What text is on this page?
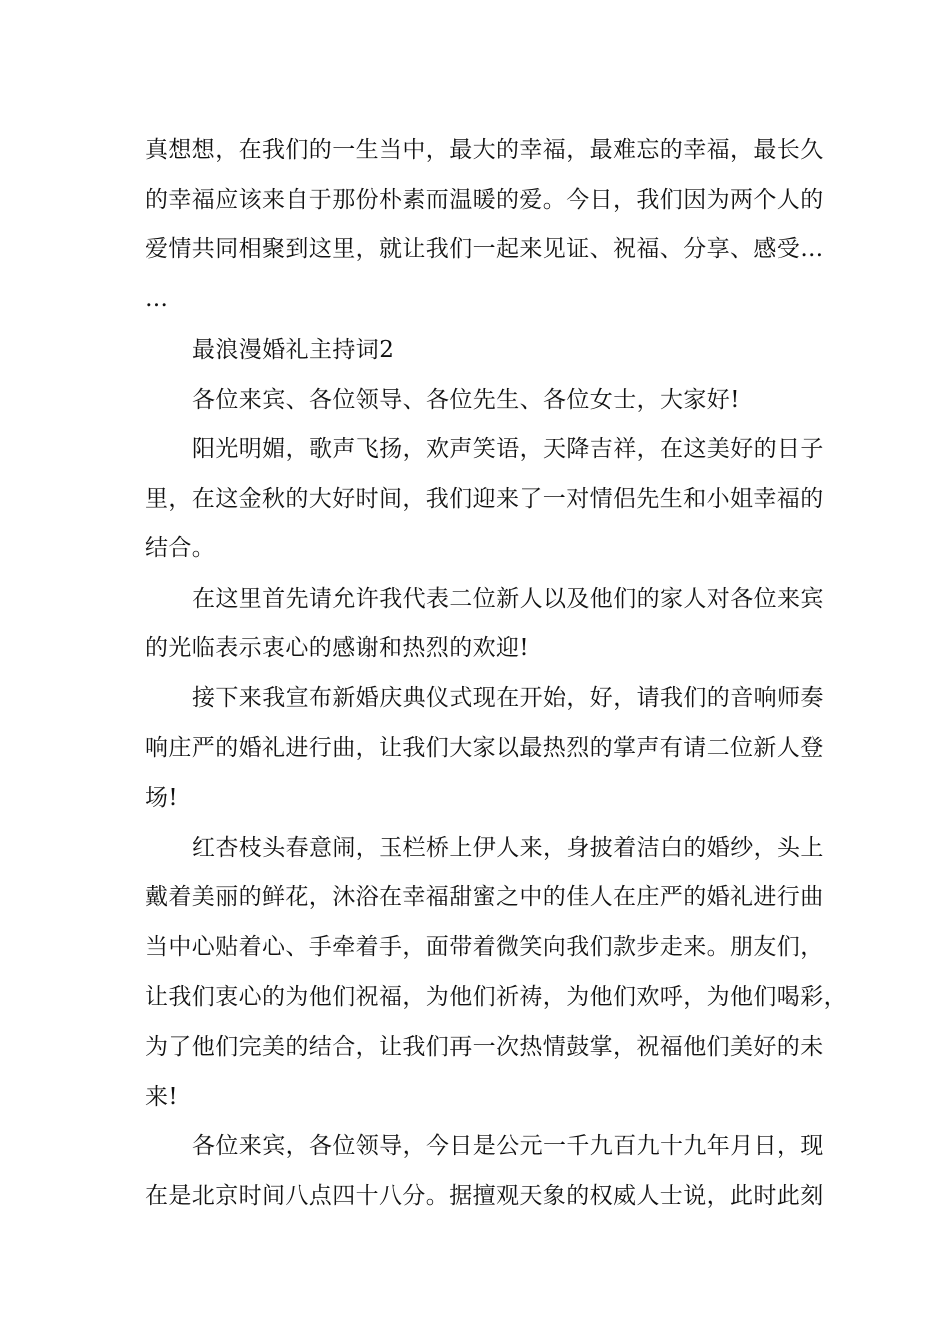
真想想，在我们的一生当中，最大的幸福，最难忘的幸福，最长久
的幸福应该来自于那份朴素而温暖的爱。今日，我们因为两个人的
爱情共同相聚到这里，就让我们一起来见证、祝福、分享、感受…
…
最浪漫婚礼主持词2
各位来宾、各位领导、各位先生、各位女士，大家好!
阳光明媚，歌声飞扬，欢声笑语，天降吉祥，在这美好的日子
里，在这金秋的大好时间，我们迎来了一对情侣先生和小姐幸福的
结合。
在这里首先请允许我代表二位新人以及他们的家人对各位来宾
的光临表示衷心的感谢和热烈的欢迎!
接下来我宣布新婚庆典仪式现在开始，好，请我们的音响师奏
响庄严的婚礼进行曲，让我们大家以最热烈的掌声有请二位新人登
场!
红杏枝头春意闹，玉栏桥上伊人来，身披着洁白的婚纱，头上
戴着美丽的鲜花，沐浴在幸福甜蜜之中的佳人在庄严的婚礼进行曲
当中心贴着心、手牵着手，面带着微笑向我们款步走来。朋友们，
让我们衷心的为他们祝福，为他们祈祷，为他们欢呼，为他们喝彩，
为了他们完美的结合，让我们再一次热情鼓掌，祝福他们美好的未
来!
各位来宾，各位领导，今日是公元一千九百九十九年月日，现
在是北京时间八点四十八分。据擅观天象的权威人士说，此时此刻
